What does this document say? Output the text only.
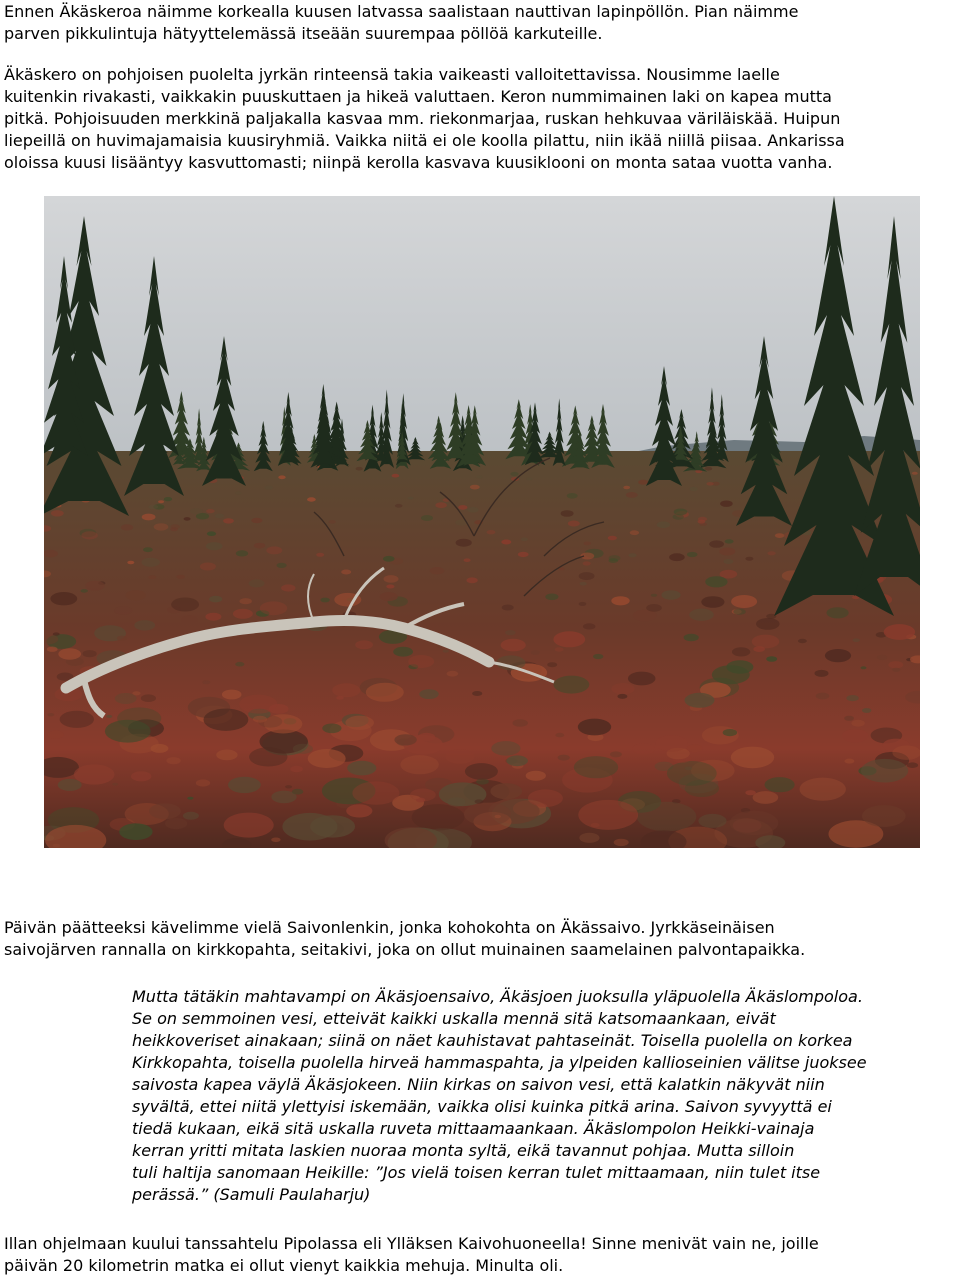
Ennen Äkäskeroa näimme korkealla kuusen latvassa saalistaan nauttivan lapinpöllön. Pian näimme
parven pikkulintuja hätyyttelemässä itseään suurempaa pöllöä karkuteille.

Äkäskero on pohjoisen puolelta jyrkän rinteensä takia vaikeasti valloitettavissa. Nousimme laelle
kuitenkin rivakasti, vaikkakin puuskuttaen ja hikeä valuttaen. Keron nummimainen laki on kapea mutta
pitkä. Pohjoisuuden merkkinä paljakalla kasvaa mm. riekonmarjaa, ruskan hehkuvaa väriläiskää. Huipun
liepeillä on huvimajamaisia kuusiryhmiä. Vaikka niitä ei ole koolla pilattu, niin ikää niillä piisaa. Ankarissa
oloissa kuusi lisääntyy kasvuttomasti; niinpä kerolla kasvava kuusiklooni on monta sataa vuotta vanha.

Päivän päätteeksi kävelimme vielä Saivonlenkin, jonka kohokohta on Äkässaivo. Jyrkkäseinäisen
saivojärven rannalla on kirkkopahta, seitakivi, joka on ollut muinainen saamelainen palvontapaikka.

Mutta tätäkin mahtavampi on Äkäsjoensaivo, Äkäsjoen juoksulla yläpuolella Äkäslompoloa.
Se on semmoinen vesi, etteivät kaikki uskalla mennä sitä katsomaankaan, eivät
heikkoveriset ainakaan; siinä on näet kauhistavat pahtaseinät. Toisella puolella on korkea
Kirkkopahta, toisella puolella hirveä hammaspahta, ja ylpeiden kallioseinien välitse juoksee
saivosta kapea väylä Äkäsjokeen. Niin kirkas on saivon vesi, että kalatkin näkyvät niin
syvältä, ettei niitä ylettyisi iskemään, vaikka olisi kuinka pitkä arina. Saivon syvyyttä ei
tiedä kukaan, eikä sitä uskalla ruveta mittaamaankaan. Äkäslompolon Heikki-vainaja
kerran yritti mitata laskien nuoraa monta syltä, eikä tavannut pohjaa. Mutta silloin
tuli haltija sanomaan Heikille: ”Jos vielä toisen kerran tulet mittaamaan, niin tulet itse
perässä.” (Samuli Paulaharju)

Illan ohjelmaan kuului tanssahtelu Pipolassa eli Ylläksen Kaivohuoneella! Sinne menivät vain ne, joille
päivän 20 kilometrin matka ei ollut vienyt kaikkia mehuja. Minulta oli.
